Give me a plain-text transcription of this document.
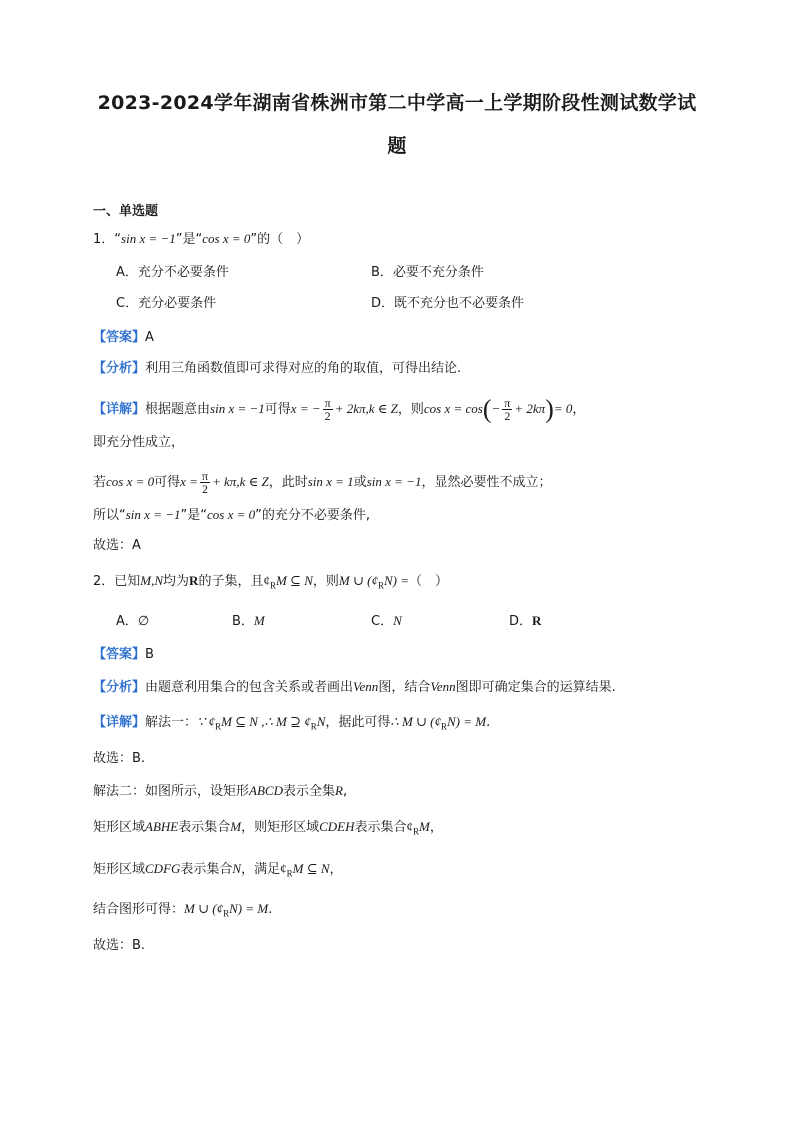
2023-2024学年湖南省株洲市第二中学高一上学期阶段性测试数学试
题
一、单选题
1．“sin x = −1”是“cos x = 0”的（　）
A．充分不必要条件	B．必要不充分条件
C．充分必要条件	D．既不充分也不必要条件
【答案】A
【分析】利用三角函数值即可求得对应的角的取值，可得出结论.
【详解】根据题意由sin x = −1可得x = − $\frac{\pi}{2} + 2k\pi,k$ ∈ Z，则$\cos x = \cos(- \frac{\pi}{2} + 2k\pi)= 0$，
即充分性成立，
若cos x = 0可得$x = \frac{\pi}{2} + k\pi,k$ ∈ Z，此时sin x = 1或sin x = −1，显然必要性不成立；
所以“sin x = −1”是“cos x = 0”的充分不必要条件,
故选：A
2．已知M,N均为R的子集，且$ȼ_RM$ ⊆ N，则M ∪ $(ȼ_RN)$ =（　）
A．∅	B．M	C．N	D．R
【答案】B
【分析】由题意利用集合的包含关系或者画出Venn图，结合Venn图即可确定集合的运算结果.
【详解】解法一：∵ $ȼ_RM$ ⊆ N ,∴ M ⊇ $ȼ_RN$，据此可得∴ M ∪ $(ȼ_RN) = M$.
故选：B.
解法二：如图所示，设矩形ABCD表示全集R,
矩形区域ABHE表示集合M，则矩形区域CDEH表示集合$ȼ_RM$，
矩形区域CDFG表示集合N，满足$ȼ_RM$ ⊆ N，
结合图形可得：M ∪ $(ȼ_RN) = M$.
故选：B.
